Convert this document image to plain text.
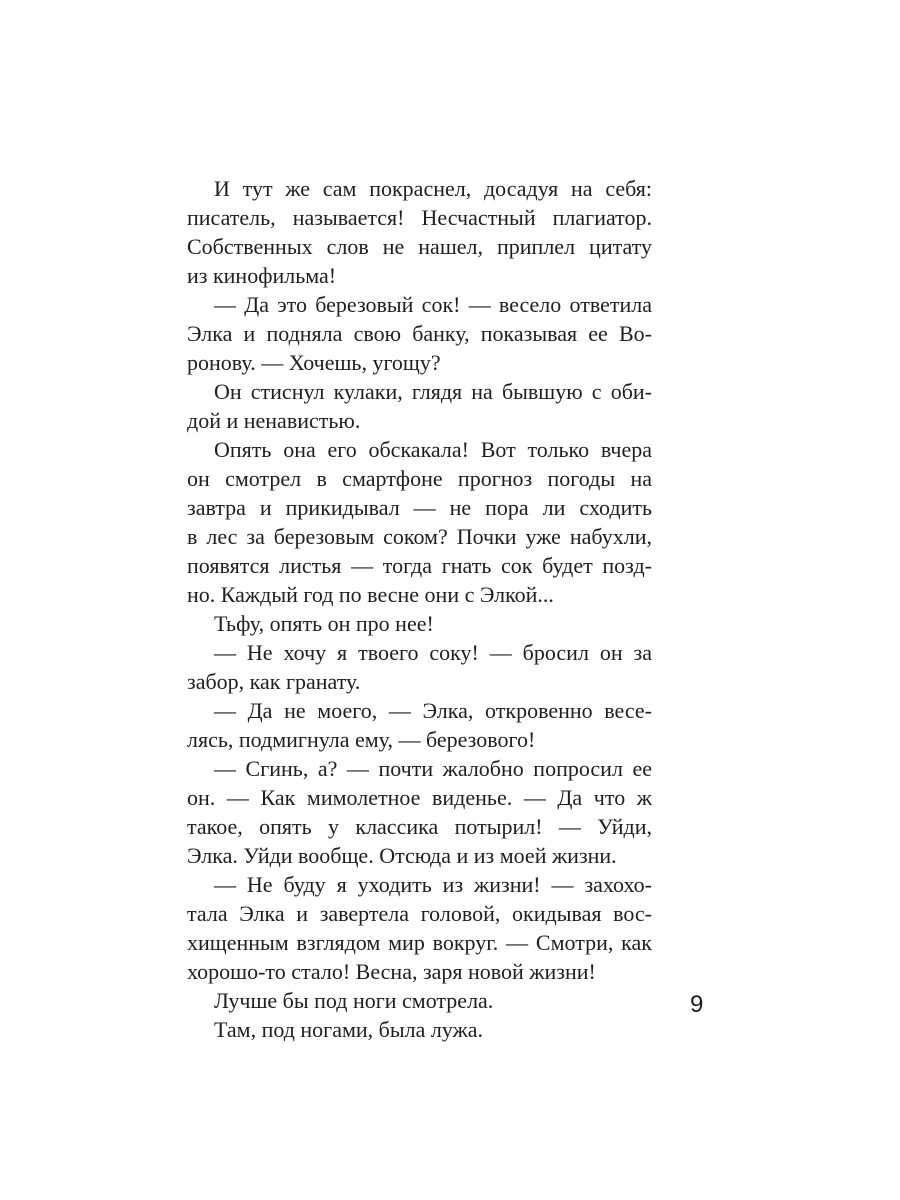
И тут же сам покраснел, досадуя на себя:
писатель, называется! Несчастный плагиатор.
Собственных слов не нашел, приплел цитату
из кинофильма!
— Да это березовый сок! — весело ответила
Элка и подняла свою банку, показывая ее Во-
ронову. — Хочешь, угощу?
Он стиснул кулаки, глядя на бывшую с оби-
дой и ненавистью.
Опять она его обскакала! Вот только вчера
он смотрел в смартфоне прогноз погоды на
завтра и прикидывал — не пора ли сходить
в лес за березовым соком? Почки уже набухли,
появятся листья — тогда гнать сок будет позд-
но. Каждый год по весне они с Элкой...
Тьфу, опять он про нее!
— Не хочу я твоего соку! — бросил он за
забор, как гранату.
— Да не моего, — Элка, откровенно весе-
лясь, подмигнула ему, — березового!
— Сгинь, а? — почти жалобно попросил ее
он. — Как мимолетное виденье. — Да что ж
такое, опять у классика потырил! — Уйди,
Элка. Уйди вообще. Отсюда и из моей жизни.
— Не буду я уходить из жизни! — захохо-
тала Элка и завертела головой, окидывая вос-
хищенным взглядом мир вокруг. — Смотри, как
хорошо-то стало! Весна, заря новой жизни!
Лучше бы под ноги смотрела.
Там, под ногами, была лужа.
9
